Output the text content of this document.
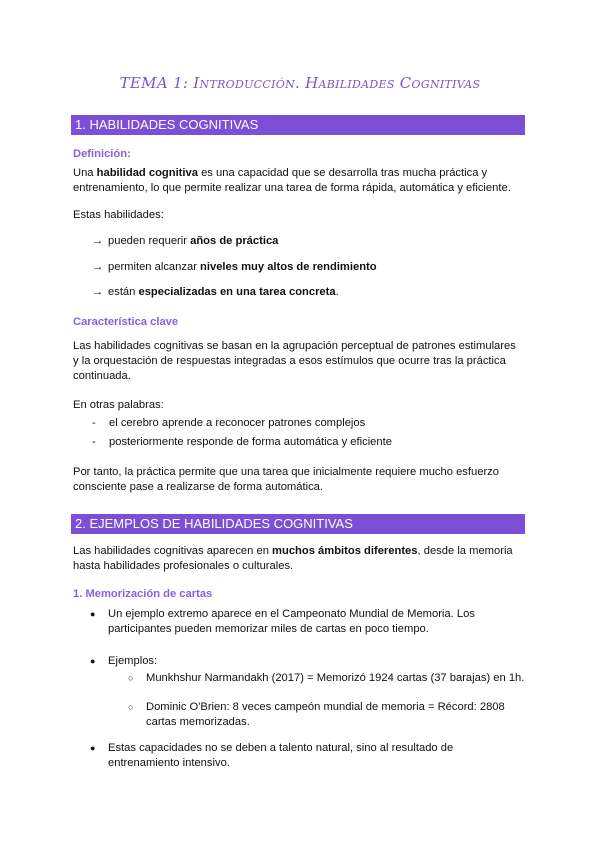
TEMA 1: Introducción. Habilidades Cognitivas
1. HABILIDADES COGNITIVAS
Definición:
Una habilidad cognitiva es una capacidad que se desarrolla tras mucha práctica y entrenamiento, lo que permite realizar una tarea de forma rápida, automática y eficiente.
Estas habilidades:
→ pueden requerir años de práctica
→ permiten alcanzar niveles muy altos de rendimiento
→ están especializadas en una tarea concreta.
Característica clave
Las habilidades cognitivas se basan en la agrupación perceptual de patrones estimulares y la orquestación de respuestas integradas a esos estímulos que ocurre tras la práctica continuada.
En otras palabras:
- el cerebro aprende a reconocer patrones complejos
- posteriormente responde de forma automática y eficiente
Por tanto, la práctica permite que una tarea que inicialmente requiere mucho esfuerzo consciente pase a realizarse de forma automática.
2. EJEMPLOS DE HABILIDADES COGNITIVAS
Las habilidades cognitivas aparecen en muchos ámbitos diferentes, desde la memoria hasta habilidades profesionales o culturales.
1. Memorización de cartas
● Un ejemplo extremo aparece en el Campeonato Mundial de Memoria. Los participantes pueden memorizar miles de cartas en poco tiempo.
● Ejemplos:
○ Munkhshur Narmandakh (2017) = Memorizó 1924 cartas (37 barajas) en 1h.
○ Dominic O'Brien: 8 veces campeón mundial de memoria = Récord: 2808 cartas memorizadas.
● Estas capacidades no se deben a talento natural, sino al resultado de entrenamiento intensivo.
